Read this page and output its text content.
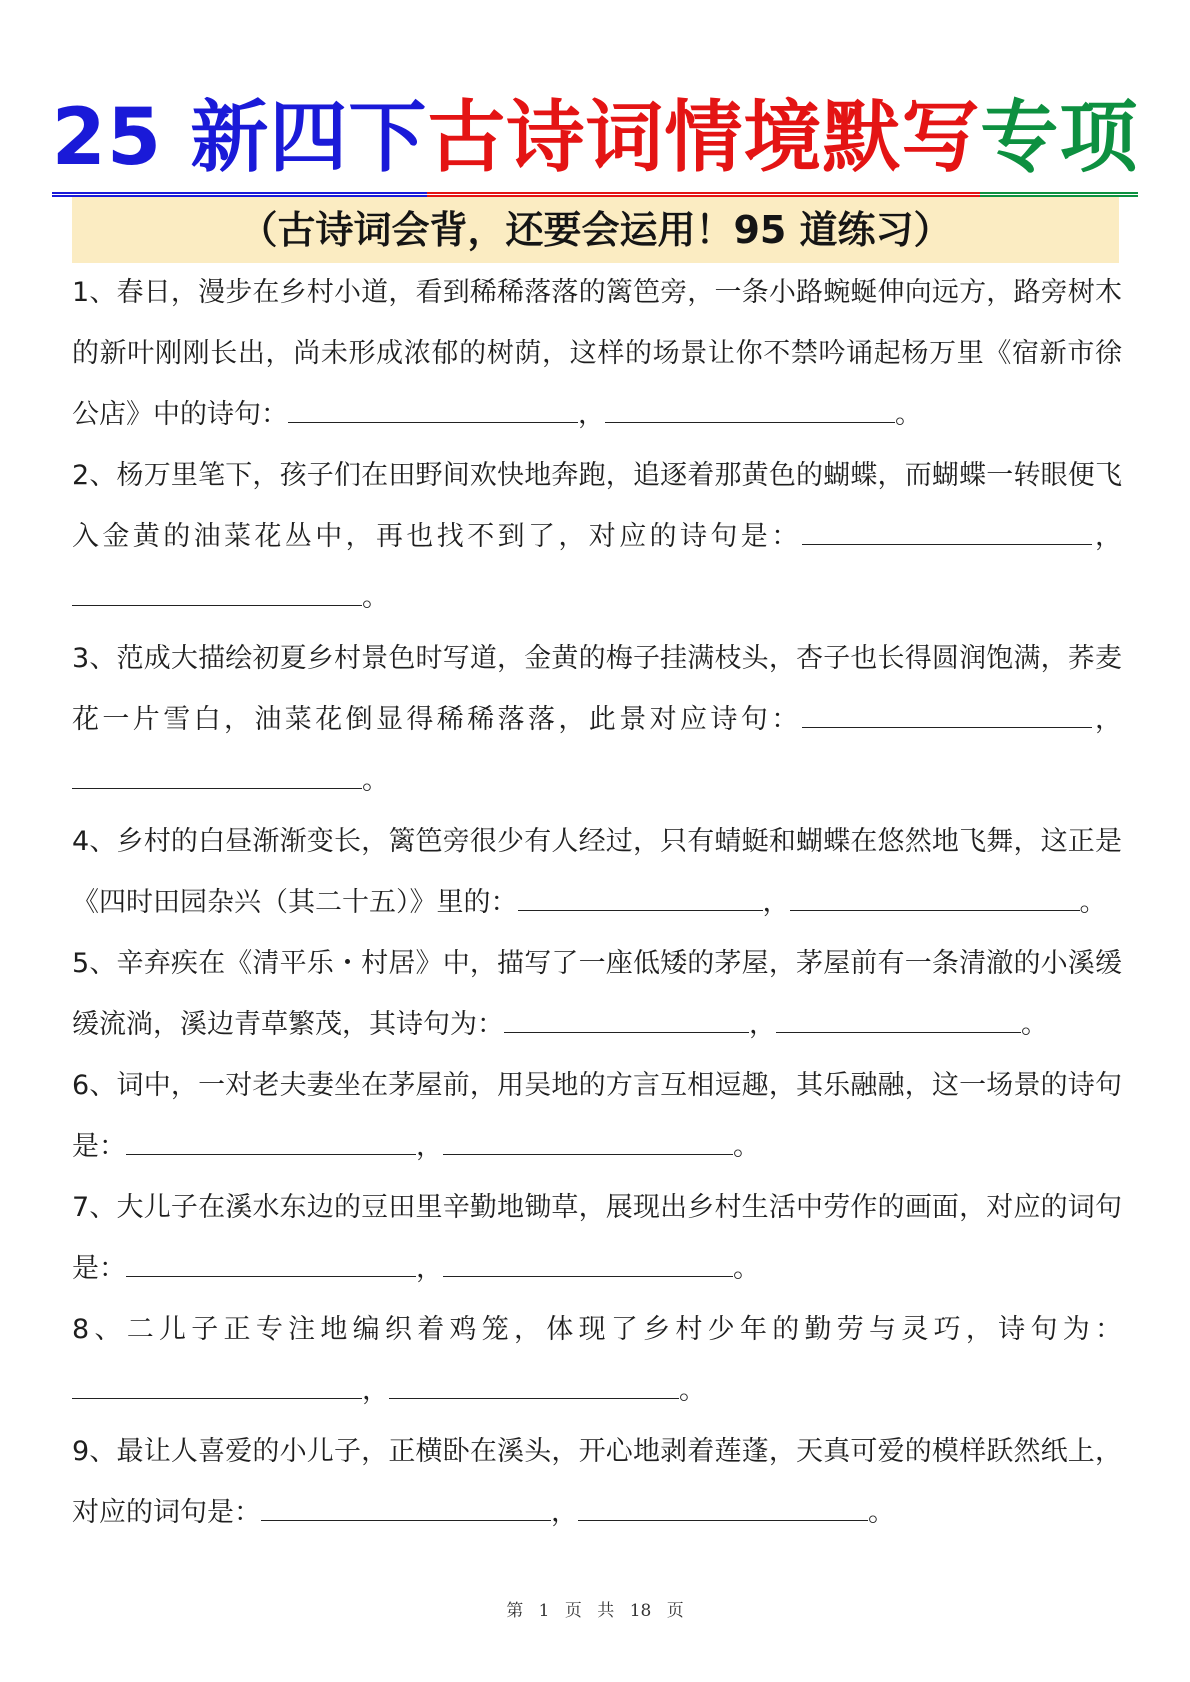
25 新四下古诗词情境默写专项
（古诗词会背，还要会运用！95 道练习）

1、春日，漫步在乡村小道，看到稀稀落落的篱笆旁，一条小路蜿蜒伸向远方，路旁树木的新叶刚刚长出，尚未形成浓郁的树荫，这样的场景让你不禁吟诵起杨万里《宿新市徐公店》中的诗句：	，	。

2、杨万里笔下，孩子们在田野间欢快地奔跑，追逐着那黄色的蝴蝶，而蝴蝶一转眼便飞入金黄的油菜花丛中，再也找不到了，对应的诗句是：	，。

3、范成大描绘初夏乡村景色时写道，金黄的梅子挂满枝头，杏子也长得圆润饱满，荞麦花一片雪白，油菜花倒显得稀稀落落，此景对应诗句：	，。

4、乡村的白昼渐渐变长，篱笆旁很少有人经过，只有蜻蜓和蝴蝶在悠然地飞舞，这正是《四时田园杂兴（其二十五）》里的：	，	。

5、辛弃疾在《清平乐・村居》中，描写了一座低矮的茅屋，茅屋前有一条清澈的小溪缓缓流淌，溪边青草繁茂，其诗句为：	，	。

6、词中，一对老夫妻坐在茅屋前，用吴地的方言互相逗趣，其乐融融，这一场景的诗句是：	，	。

7、大儿子在溪水东边的豆田里辛勤地锄草，展现出乡村生活中劳作的画面，对应的词句是：	，	。

8、二儿子正专注地编织着鸡笼，体现了乡村少年的勤劳与灵巧，诗句为：，	。

9、最让人喜爱的小儿子，正横卧在溪头，开心地剥着莲蓬，天真可爱的模样跃然纸上，对应的词句是：	，	。

第 1 页 共 18 页
